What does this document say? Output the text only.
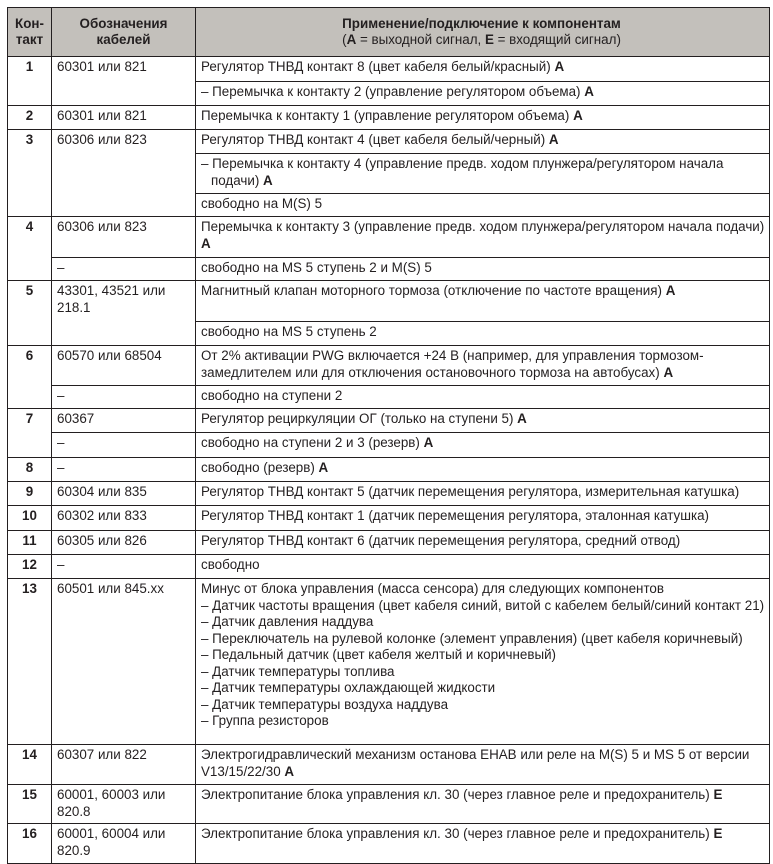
Кон-
такт	Обозначения
кабелей	Применение/подключение к компонентам
(A = выходной сигнал, E = входящий сигнал)
1	60301 или 821	Регулятор ТНВД контакт 8 (цвет кабеля белый/красный) A

		– Перемычка к контакту 2 (управление регулятором объема) A

2	60301 или 821	Перемычка к контакту 1 (управление регулятором объема) A
3	60306 или 823	Регулятор ТНВД контакт 4 (цвет кабеля белый/черный) A

		– Перемычка к контакту 4 (управление предв. ходом плунжера/регулятором начала подачи) A

		свободно на M(S) 5
4	60306 или 823	Перемычка к контакту 3 (управление предв. ходом плунжера/регулятором начала подачи) A
	–	свободно на MS 5 ступень 2 и M(S) 5
5	43301, 43521 или 218.1	Магнитный клапан моторного тормоза (отключение по частоте вращения) A
		свободно на MS 5 ступень 2
6	60570 или 68504	От 2% активации PWG включается +24 В (например, для управления тормозом-замедлителем или для отключения остановочного тормоза на автобусах) A
	–	свободно на ступени 2
7	60367	Регулятор рециркуляции ОГ (только на ступени 5) A
	–	свободно на ступени 2 и 3 (резерв) A
8	–	свободно (резерв) A
9	60304 или 835	Регулятор ТНВД контакт 5 (датчик перемещения регулятора, измерительная катушка)
10	60302 или 833	Регулятор ТНВД контакт 1 (датчик перемещения регулятора, эталонная катушка)
11	60305 или 826	Регулятор ТНВД контакт 6 (датчик перемещения регулятора, средний отвод)
12	–	свободно
13	60501 или 845.xx	Минус от блока управления (масса сенсора) для следующих компонентов
– Датчик частоты вращения (цвет кабеля синий, витой с кабелем белый/синий контакт 21)
– Датчик давления наддува
– Переключатель на рулевой колонке (элемент управления) (цвет кабеля коричневый)
– Педальный датчик (цвет кабеля желтый и коричневый)
– Датчик температуры топлива
– Датчик температуры охлаждающей жидкости
– Датчик температуры воздуха наддува
– Группа резисторов

14	60307 или 822	Электрогидравлический механизм останова EHAB или реле на M(S) 5 и MS 5 от версии V13/15/22/30 A
15	60001, 60003 или 820.8	Электропитание блока управления кл. 30 (через главное реле и предохранитель) E
16	60001, 60004 или 820.9	Электропитание блока управления кл. 30 (через главное реле и предохранитель) E
